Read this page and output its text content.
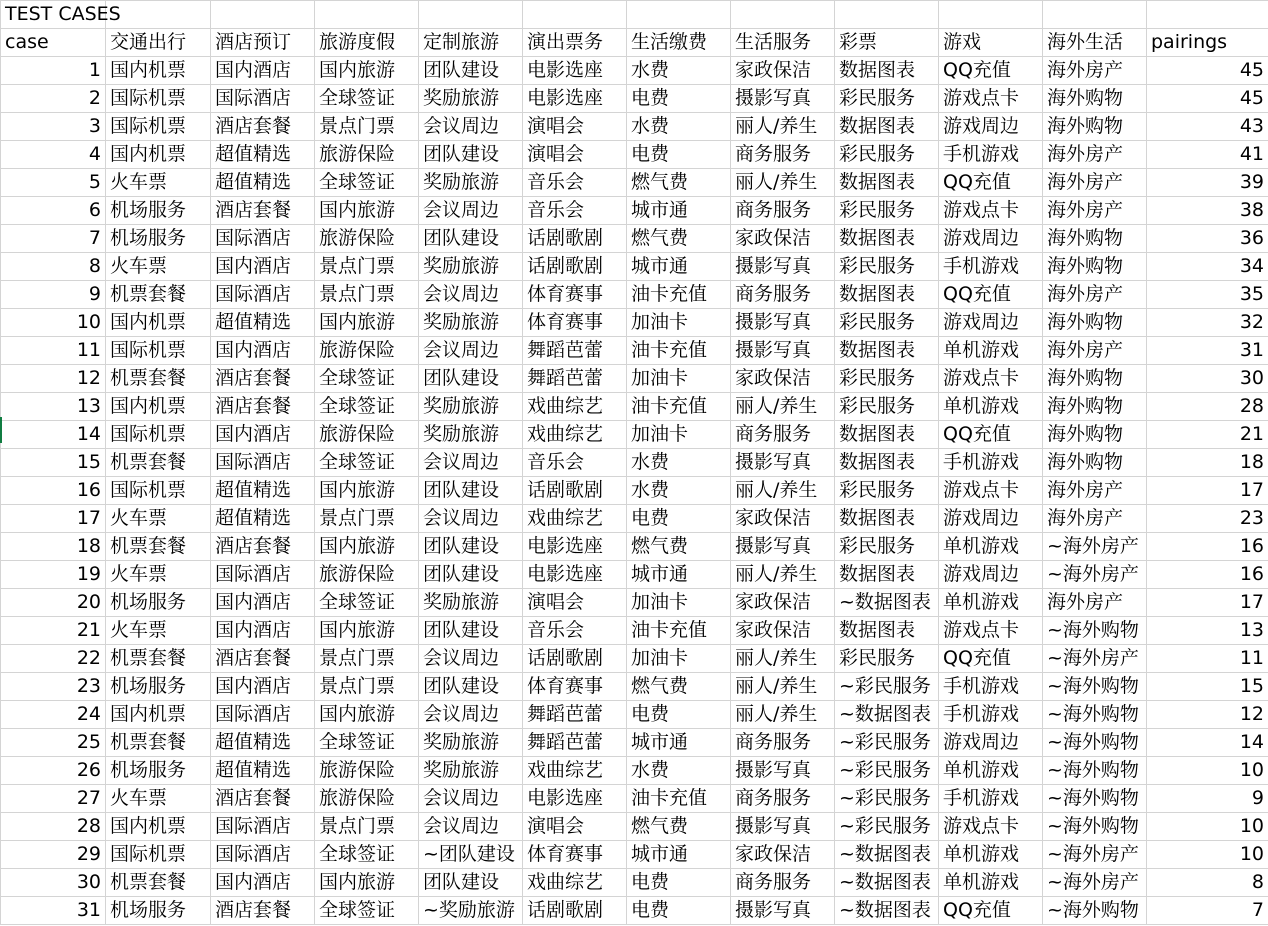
TEST CASES											
case	交通出行	酒店预订	旅游度假	定制旅游	演出票务	生活缴费	生活服务	彩票	游戏	海外生活	pairings
1	国内机票	国内酒店	国内旅游	团队建设	电影选座	水费	家政保洁	数据图表	QQ充值	海外房产	45
2	国际机票	国际酒店	全球签证	奖励旅游	电影选座	电费	摄影写真	彩民服务	游戏点卡	海外购物	45
3	国际机票	酒店套餐	景点门票	会议周边	演唱会	水费	丽人/养生	数据图表	游戏周边	海外购物	43
4	国内机票	超值精选	旅游保险	团队建设	演唱会	电费	商务服务	彩民服务	手机游戏	海外房产	41
5	火车票	超值精选	全球签证	奖励旅游	音乐会	燃气费	丽人/养生	数据图表	QQ充值	海外房产	39
6	机场服务	酒店套餐	国内旅游	会议周边	音乐会	城市通	商务服务	彩民服务	游戏点卡	海外房产	38
7	机场服务	国际酒店	旅游保险	团队建设	话剧歌剧	燃气费	家政保洁	数据图表	游戏周边	海外购物	36
8	火车票	国内酒店	景点门票	奖励旅游	话剧歌剧	城市通	摄影写真	彩民服务	手机游戏	海外购物	34
9	机票套餐	国际酒店	景点门票	会议周边	体育赛事	油卡充值	商务服务	数据图表	QQ充值	海外房产	35
10	国内机票	超值精选	国内旅游	奖励旅游	体育赛事	加油卡	摄影写真	彩民服务	游戏周边	海外购物	32
11	国际机票	国内酒店	旅游保险	会议周边	舞蹈芭蕾	油卡充值	摄影写真	数据图表	单机游戏	海外房产	31
12	机票套餐	酒店套餐	全球签证	团队建设	舞蹈芭蕾	加油卡	家政保洁	彩民服务	游戏点卡	海外购物	30
13	国内机票	酒店套餐	全球签证	奖励旅游	戏曲综艺	油卡充值	丽人/养生	彩民服务	单机游戏	海外购物	28
14	国际机票	国内酒店	旅游保险	奖励旅游	戏曲综艺	加油卡	商务服务	数据图表	QQ充值	海外购物	21
15	机票套餐	国际酒店	全球签证	会议周边	音乐会	水费	摄影写真	数据图表	手机游戏	海外购物	18
16	国际机票	超值精选	国内旅游	团队建设	话剧歌剧	水费	丽人/养生	彩民服务	游戏点卡	海外房产	17
17	火车票	超值精选	景点门票	会议周边	戏曲综艺	电费	家政保洁	数据图表	游戏周边	海外房产	23
18	机票套餐	酒店套餐	国内旅游	团队建设	电影选座	燃气费	摄影写真	彩民服务	单机游戏	~海外房产	16
19	火车票	国际酒店	旅游保险	团队建设	电影选座	城市通	丽人/养生	数据图表	游戏周边	~海外房产	16
20	机场服务	国内酒店	全球签证	奖励旅游	演唱会	加油卡	家政保洁	~数据图表	单机游戏	海外房产	17
21	火车票	国内酒店	国内旅游	团队建设	音乐会	油卡充值	家政保洁	数据图表	游戏点卡	~海外购物	13
22	机票套餐	酒店套餐	景点门票	会议周边	话剧歌剧	加油卡	丽人/养生	彩民服务	QQ充值	~海外房产	11
23	机场服务	国内酒店	景点门票	团队建设	体育赛事	燃气费	丽人/养生	~彩民服务	手机游戏	~海外购物	15
24	国内机票	国际酒店	国内旅游	会议周边	舞蹈芭蕾	电费	丽人/养生	~数据图表	手机游戏	~海外购物	12
25	机票套餐	超值精选	全球签证	奖励旅游	舞蹈芭蕾	城市通	商务服务	~彩民服务	游戏周边	~海外购物	14
26	机场服务	超值精选	旅游保险	奖励旅游	戏曲综艺	水费	摄影写真	~彩民服务	单机游戏	~海外购物	10
27	火车票	酒店套餐	旅游保险	会议周边	电影选座	油卡充值	商务服务	~彩民服务	手机游戏	~海外购物	9
28	国内机票	国际酒店	景点门票	会议周边	演唱会	燃气费	摄影写真	~彩民服务	游戏点卡	~海外购物	10
29	国际机票	国际酒店	全球签证	~团队建设	体育赛事	城市通	家政保洁	~数据图表	单机游戏	~海外房产	10
30	机票套餐	国内酒店	国内旅游	团队建设	戏曲综艺	电费	商务服务	~数据图表	单机游戏	~海外房产	8
31	机场服务	酒店套餐	全球签证	~奖励旅游	话剧歌剧	电费	摄影写真	~数据图表	QQ充值	~海外购物	7
